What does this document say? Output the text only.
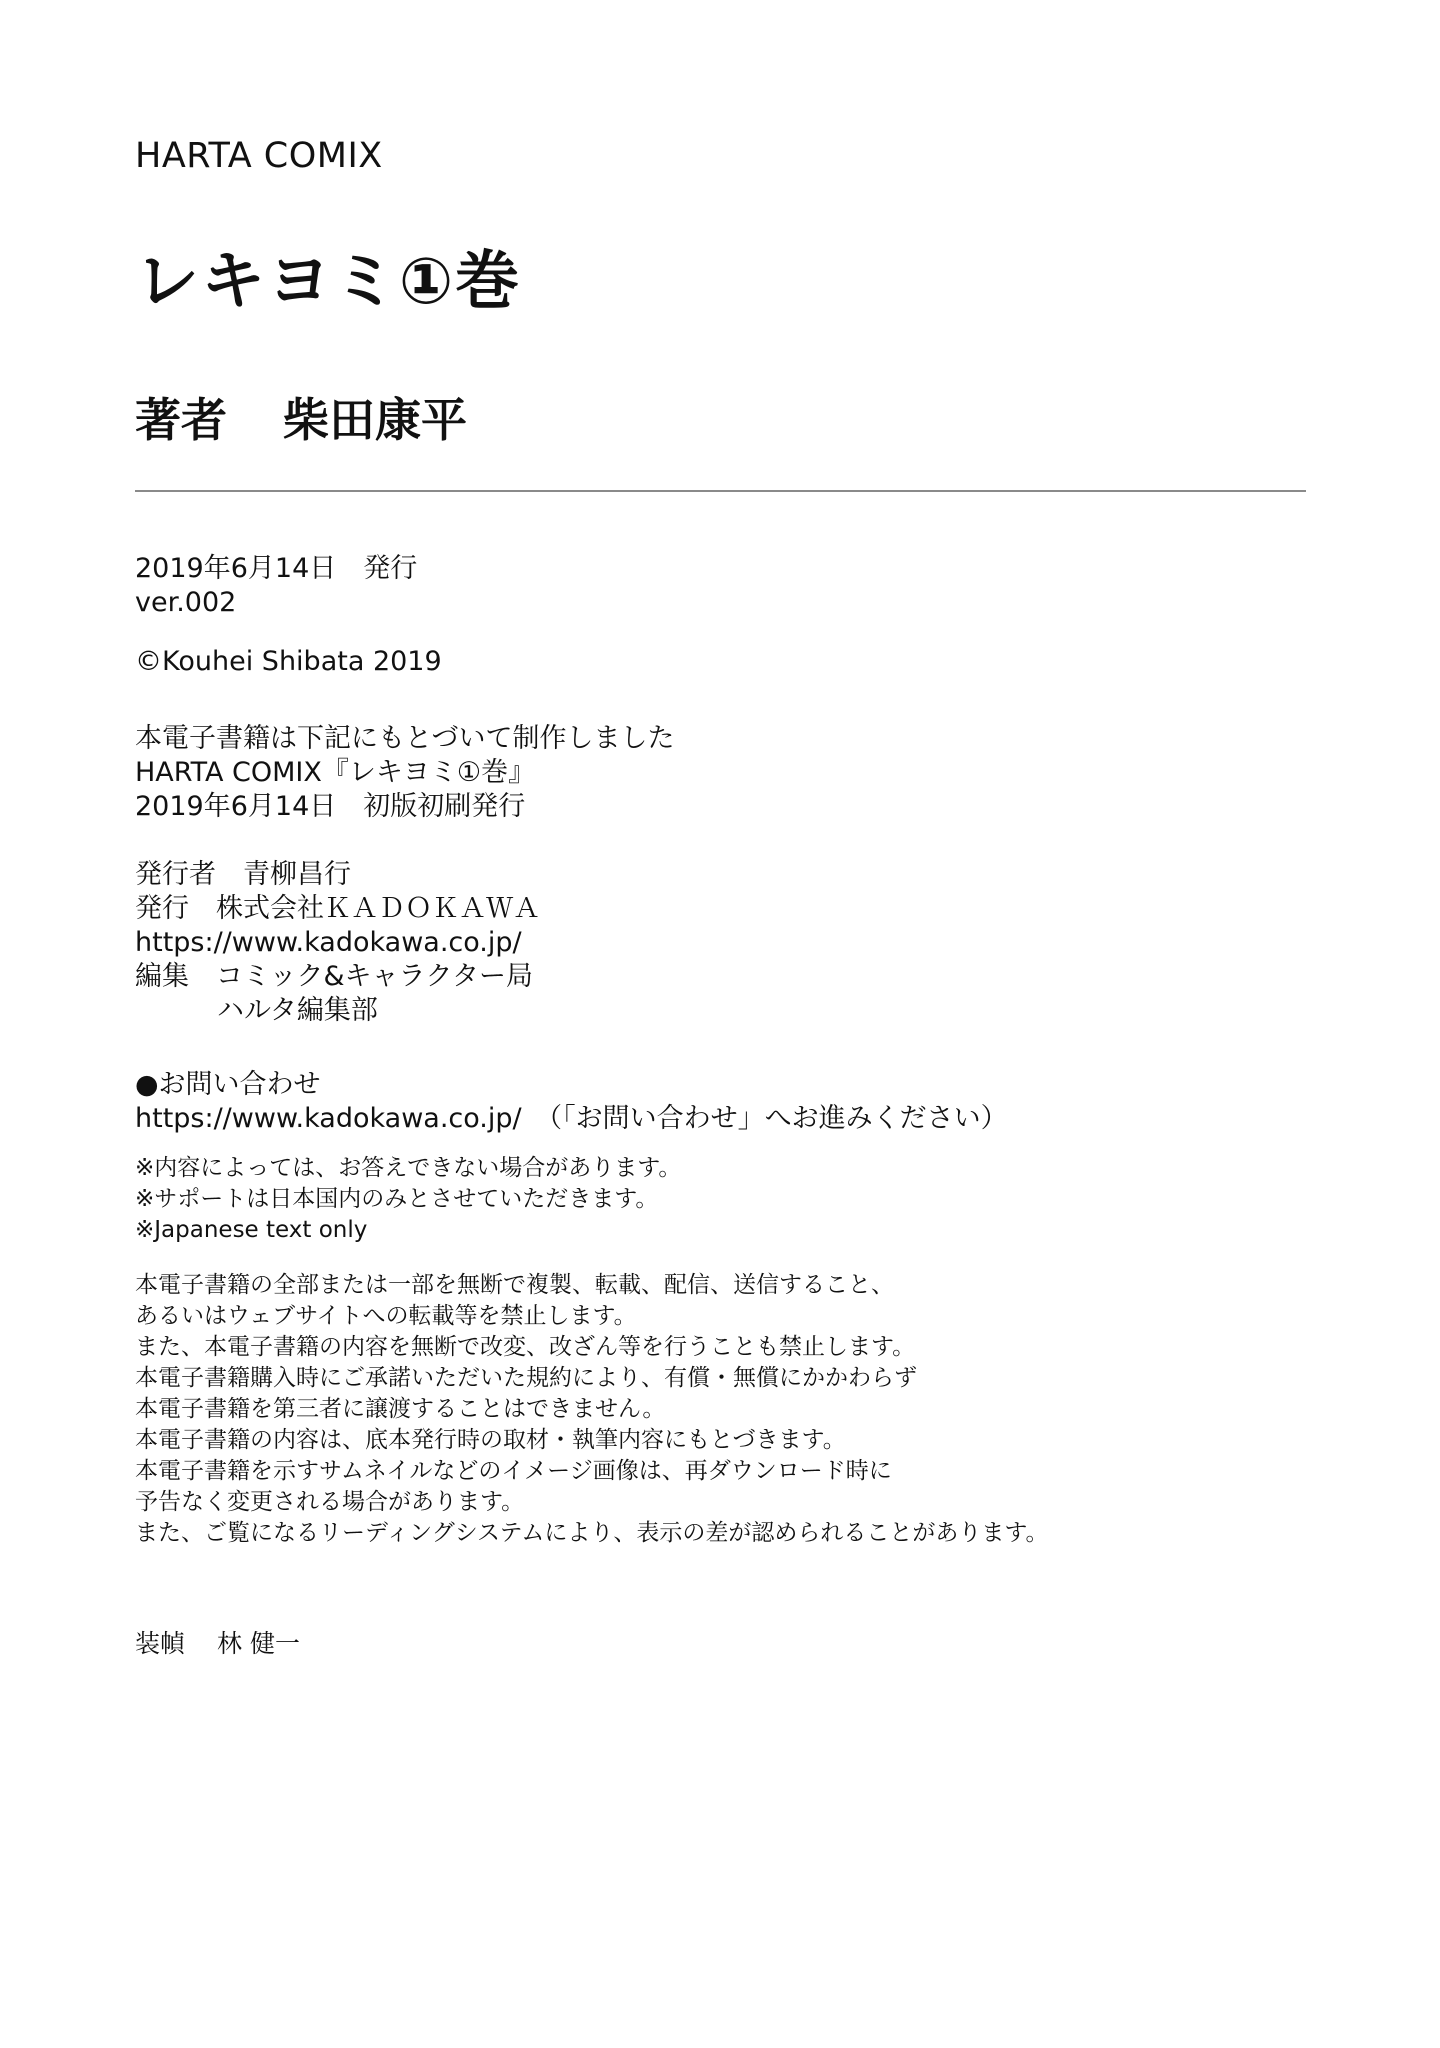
HARTA COMIX
レキヨミ①巻
著者 柴田康平
2019年6月14日　発行
ver.002
©Kouhei Shibata 2019
本電子書籍は下記にもとづいて制作しました
HARTA COMIX『レキヨミ①巻』
2019年6月14日　初版初刷発行
発行者　青柳昌行
発行　株式会社ＫＡＤＯＫＡＷＡ
https://www.kadokawa.co.jp/
編集　コミック&キャラクター局
ハルタ編集部
●お問い合わせ
https://www.kadokawa.co.jp/　（「お問い合わせ」へお進みください）
※内容によっては、お答えできない場合があります。
※サポートは日本国内のみとさせていただきます。
※Japanese text only
本電子書籍の全部または一部を無断で複製、転載、配信、送信すること、
あるいはウェブサイトへの転載等を禁止します。
また、本電子書籍の内容を無断で改変、改ざん等を行うことも禁止します。
本電子書籍購入時にご承諾いただいた規約により、有償・無償にかかわらず
本電子書籍を第三者に譲渡することはできません。
本電子書籍の内容は、底本発行時の取材・執筆内容にもとづきます。
本電子書籍を示すサムネイルなどのイメージ画像は、再ダウンロード時に
予告なく変更される場合があります。
また、ご覧になるリーディングシステムにより、表示の差が認められることがあります。
装幀 林 健一
